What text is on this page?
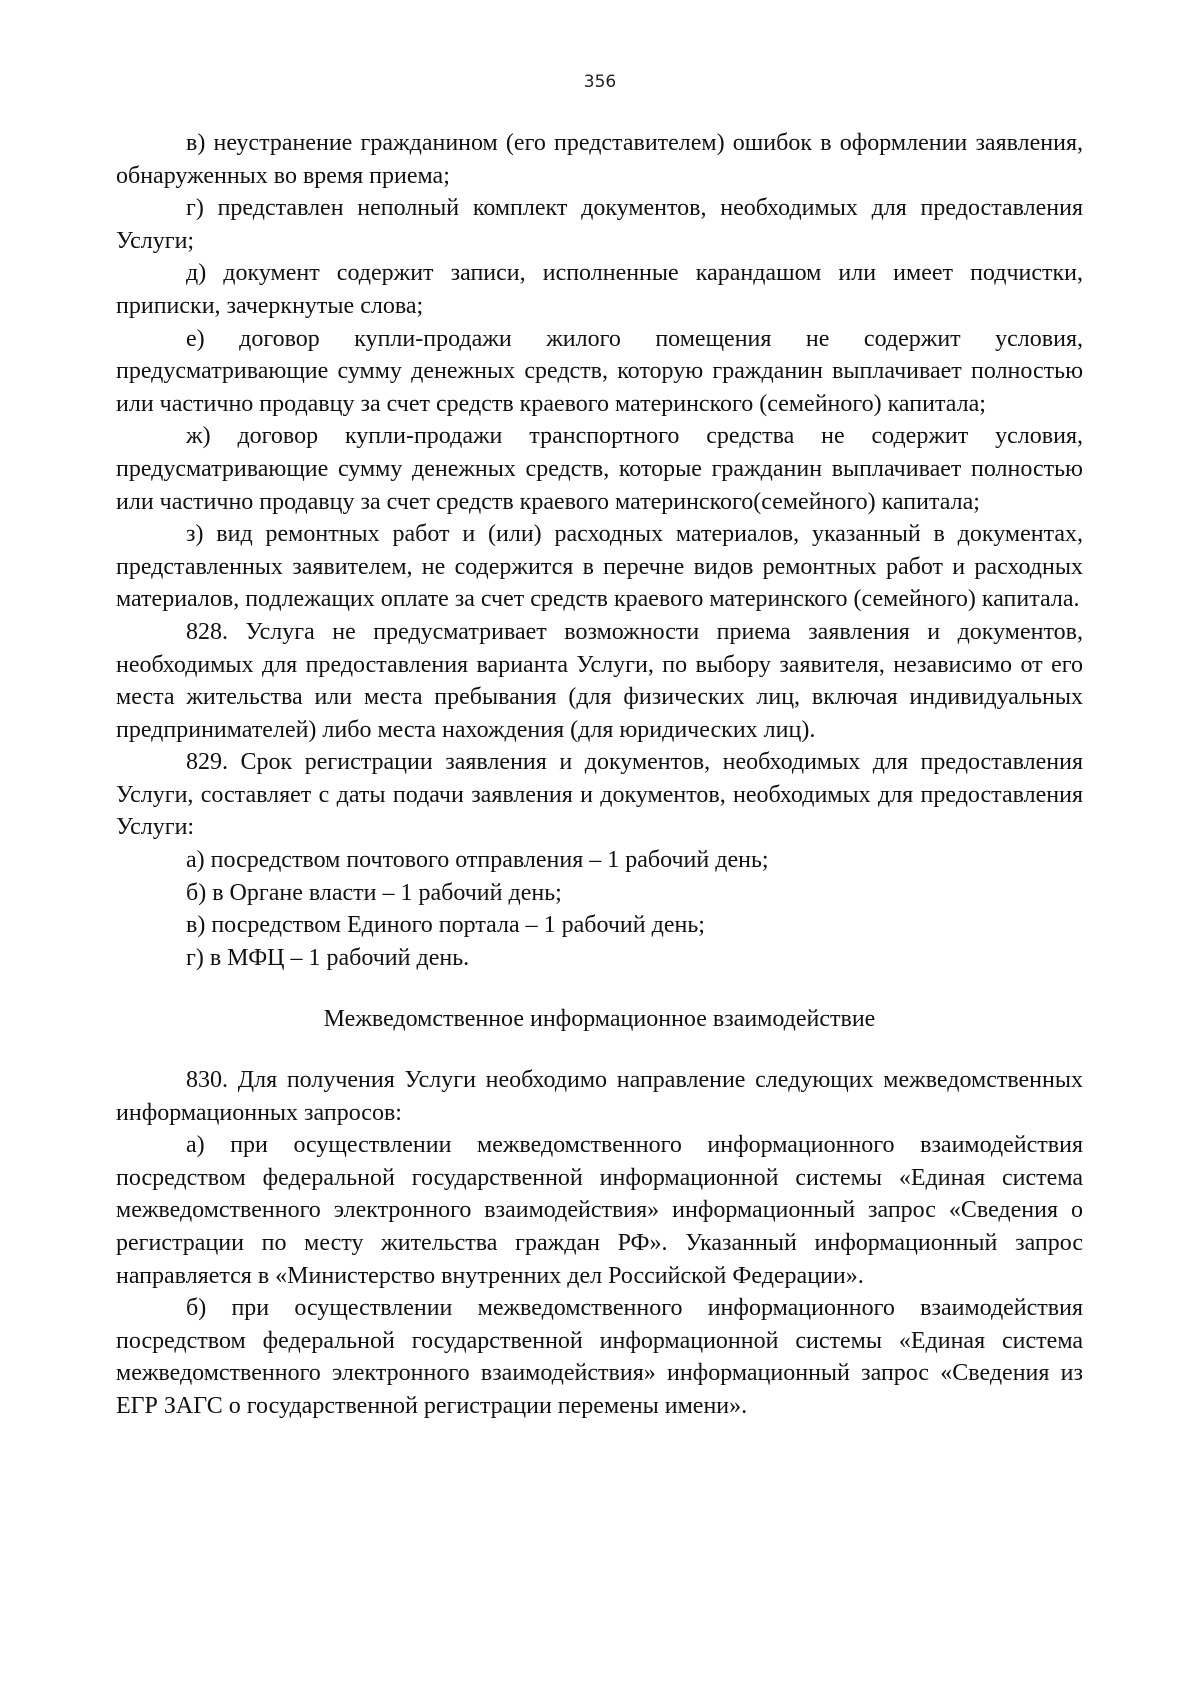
356

в) неустранение гражданином (его представителем) ошибок в оформлении заявления, обнаруженных во время приема;

г) представлен неполный комплект документов, необходимых для предоставления Услуги;

д) документ содержит записи, исполненные карандашом или имеет подчистки, приписки, зачеркнутые слова;

е) договор купли-продажи жилого помещения не содержит условия, предусматривающие сумму денежных средств, которую гражданин выплачивает полностью или частично продавцу за счет средств краевого материнского (семейного) капитала;

ж) договор купли-продажи транспортного средства не содержит условия, предусматривающие сумму денежных средств, которые гражданин выплачивает полностью или частично продавцу за счет средств краевого материнского(семейного) капитала;

з) вид ремонтных работ и (или) расходных материалов, указанный в документах, представленных заявителем, не содержится в перечне видов ремонтных работ и расходных материалов, подлежащих оплате за счет средств краевого материнского (семейного) капитала.

828. Услуга не предусматривает возможности приема заявления и документов, необходимых для предоставления варианта Услуги, по выбору заявителя, независимо от его места жительства или места пребывания (для физических лиц, включая индивидуальных предпринимателей) либо места нахождения (для юридических лиц).

829. Срок регистрации заявления и документов, необходимых для предоставления Услуги, составляет с даты подачи заявления и документов, необходимых для предоставления Услуги:

а) посредством почтового отправления – 1 рабочий день;

б) в Органе власти – 1 рабочий день;

в) посредством Единого портала – 1 рабочий день;

г) в МФЦ – 1 рабочий день.

Межведомственное информационное взаимодействие

830. Для получения Услуги необходимо направление следующих межведомственных информационных запросов:

а) при осуществлении межведомственного информационного взаимодействия посредством федеральной государственной информационной системы «Единая система межведомственного электронного взаимодействия» информационный запрос «Сведения о регистрации по месту жительства граждан РФ». Указанный информационный запрос направляется в «Министерство внутренних дел Российской Федерации».

б) при осуществлении межведомственного информационного взаимодействия посредством федеральной государственной информационной системы «Единая система межведомственного электронного взаимодействия» информационный запрос «Сведения из ЕГР ЗАГС о государственной регистрации перемены имени».
